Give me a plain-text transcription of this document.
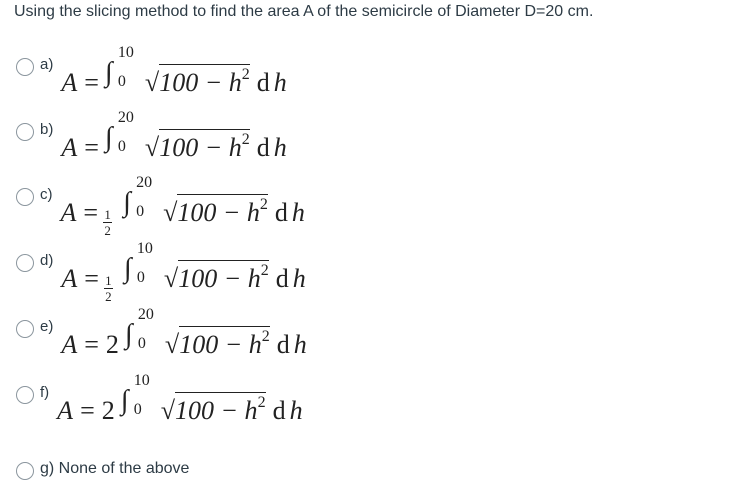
Using the slicing method to find the area A of the semicircle of Diameter D=20 cm.
a)
A = ∫
10
0 √ $100 - h^2$ d h
b)
A = ∫
20
0 √ $100 - h^2$ d h
c)
$A = \frac{1}{2}$
∫
20
0 √ $100 - h^2$ d h
d)
$A = \frac{1}{2}$
∫
10
0 √ $100 - h^2$ d h
e)
A = 2 ∫
20
0 √ $100 - h^2$ d h
f)
A = 2 ∫
10
0 √ $100 - h^2$ d h
g) None of the above
